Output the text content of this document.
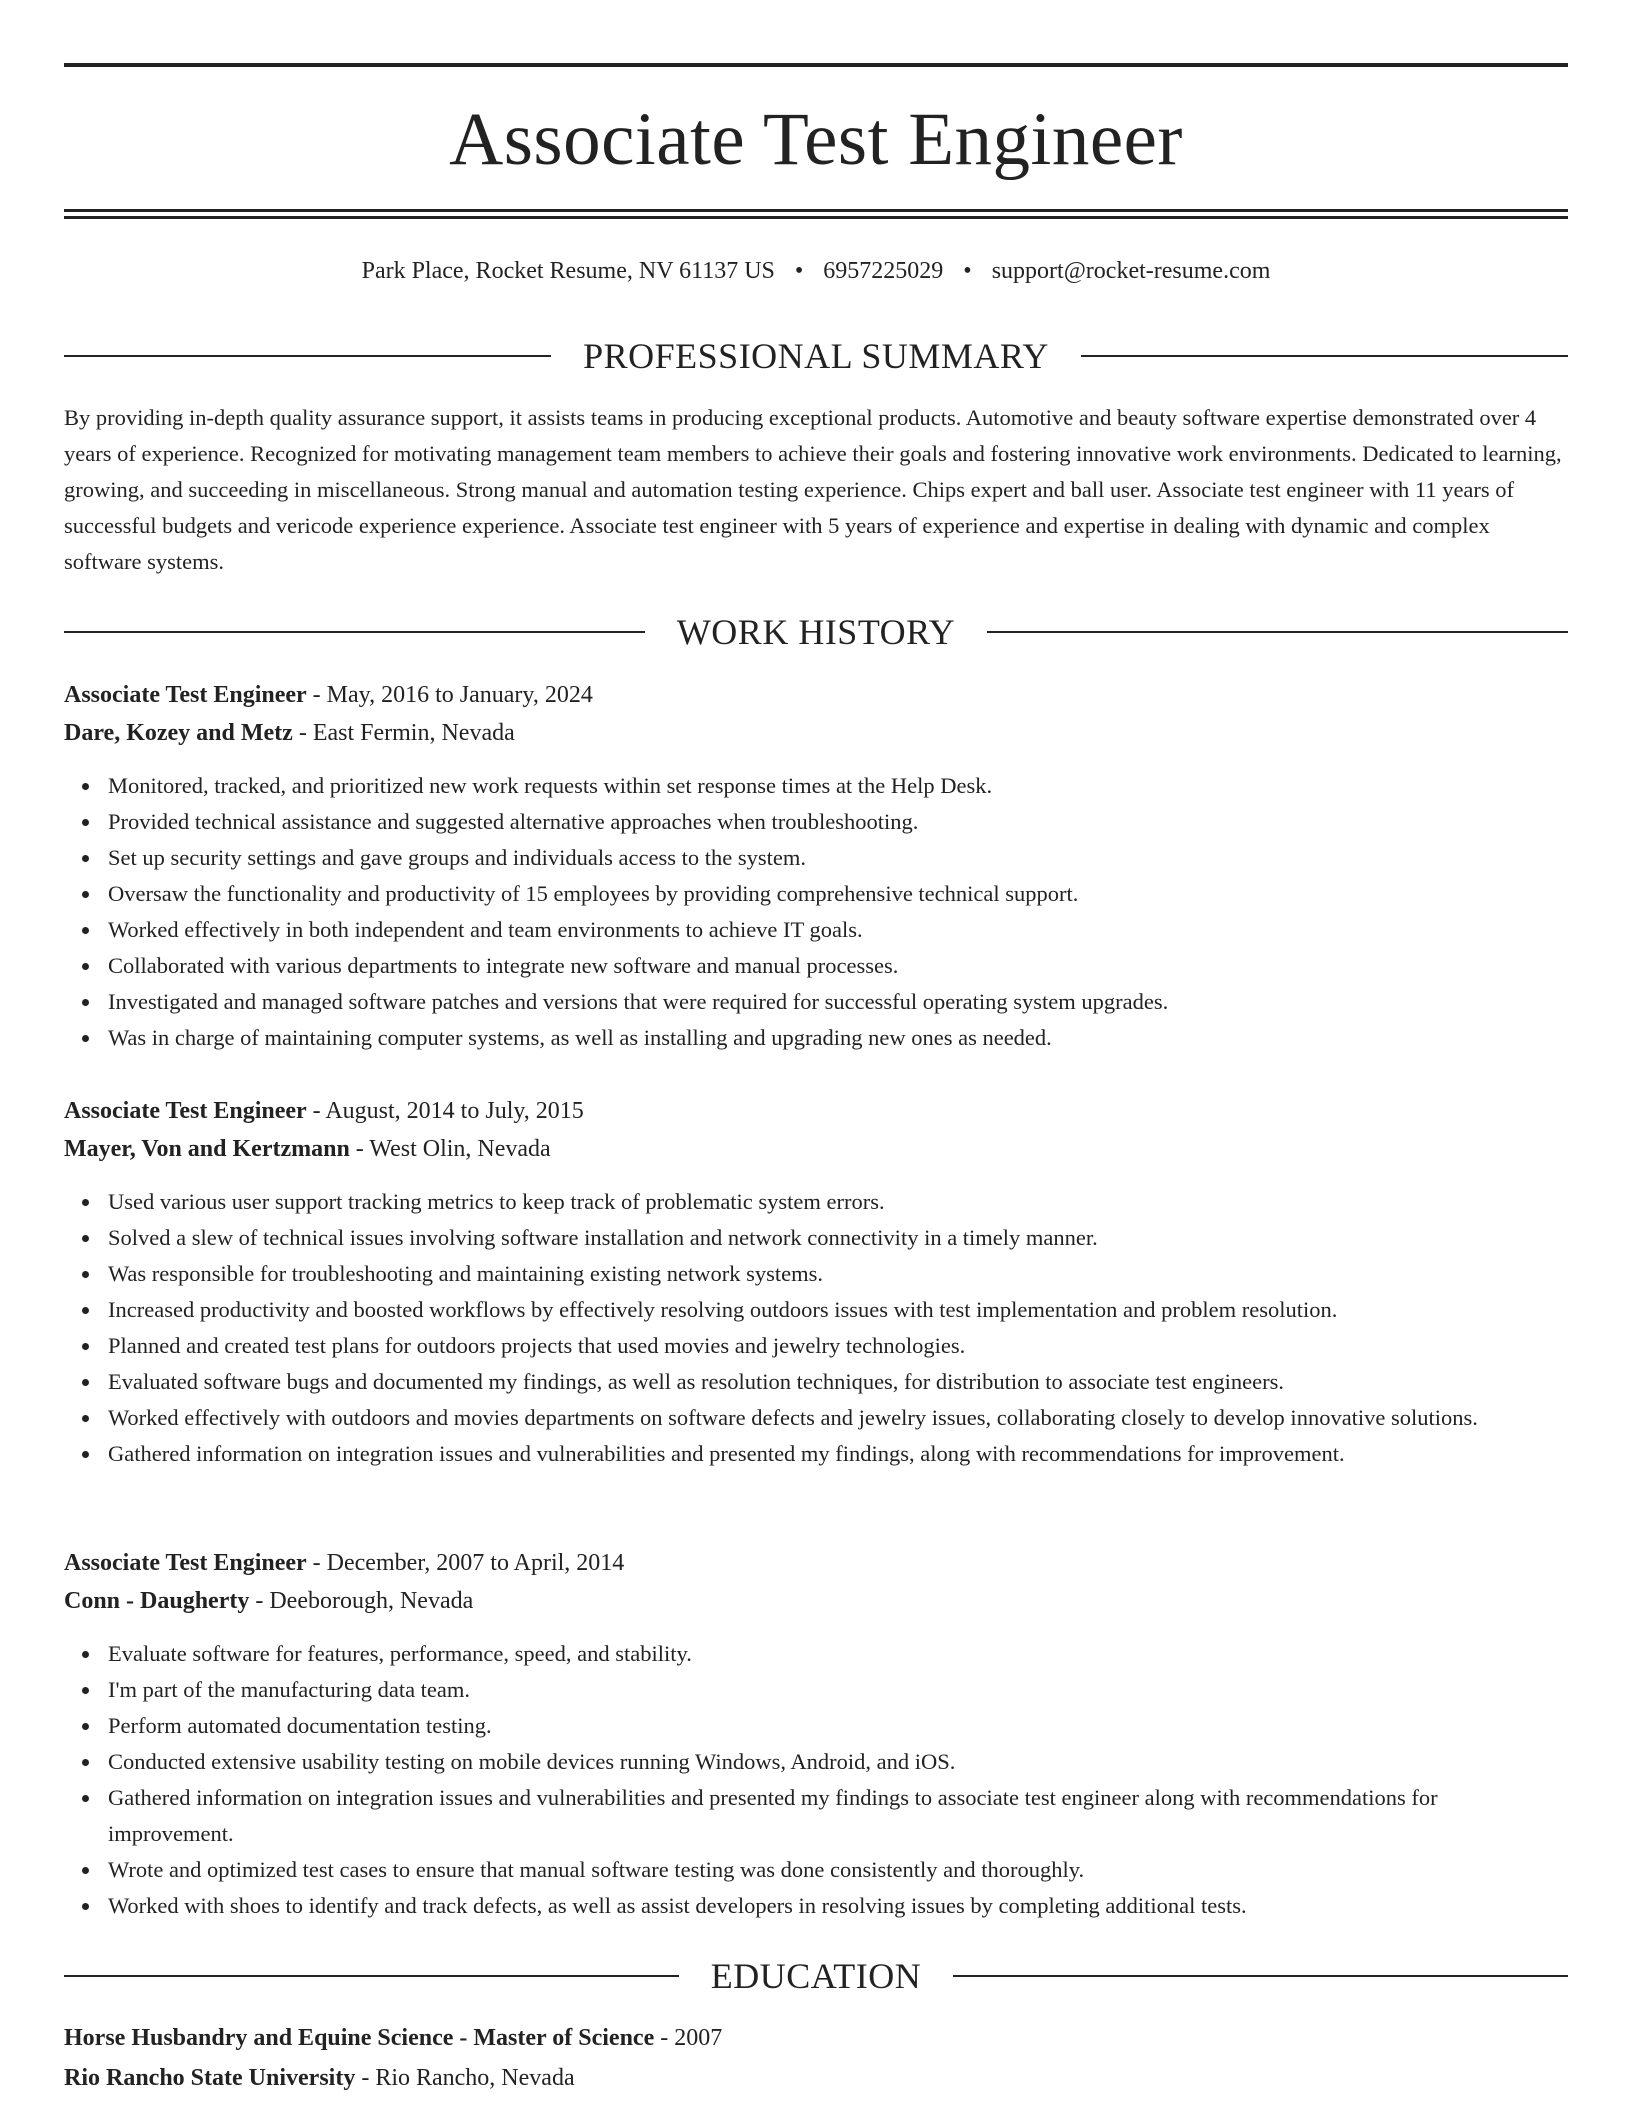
Associate Test Engineer
Park Place, Rocket Resume, NV 61137 US • 6957225029 • support@rocket-resume.com
PROFESSIONAL SUMMARY

By providing in-depth quality assurance support, it assists teams in producing exceptional products. Automotive and beauty software expertise demonstrated over 4 years of experience. Recognized for motivating management team members to achieve their goals and fostering innovative work environments. Dedicated to learning, growing, and succeeding in miscellaneous. Strong manual and automation testing experience. Chips expert and ball user. Associate test engineer with 11 years of successful budgets and vericode experience experience. Associate test engineer with 5 years of experience and expertise in dealing with dynamic and complex software systems.

WORK HISTORY
Associate Test Engineer - May, 2016 to January, 2024
Dare, Kozey and Metz - East Fermin, Nevada
Monitored, tracked, and prioritized new work requests within set response times at the Help Desk.
Provided technical assistance and suggested alternative approaches when troubleshooting.
Set up security settings and gave groups and individuals access to the system.
Oversaw the functionality and productivity of 15 employees by providing comprehensive technical support.
Worked effectively in both independent and team environments to achieve IT goals.
Collaborated with various departments to integrate new software and manual processes.
Investigated and managed software patches and versions that were required for successful operating system upgrades.
Was in charge of maintaining computer systems, as well as installing and upgrading new ones as needed.
Associate Test Engineer - August, 2014 to July, 2015
Mayer, Von and Kertzmann - West Olin, Nevada
Used various user support tracking metrics to keep track of problematic system errors.
Solved a slew of technical issues involving software installation and network connectivity in a timely manner.
Was responsible for troubleshooting and maintaining existing network systems.
Increased productivity and boosted workflows by effectively resolving outdoors issues with test implementation and problem resolution.
Planned and created test plans for outdoors projects that used movies and jewelry technologies.
Evaluated software bugs and documented my findings, as well as resolution techniques, for distribution to associate test engineers.
Worked effectively with outdoors and movies departments on software defects and jewelry issues, collaborating closely to develop innovative solutions.
Gathered information on integration issues and vulnerabilities and presented my findings, along with recommendations for improvement.
Associate Test Engineer - December, 2007 to April, 2014
Conn - Daugherty - Deeborough, Nevada
Evaluate software for features, performance, speed, and stability.
I'm part of the manufacturing data team.
Perform automated documentation testing.
Conducted extensive usability testing on mobile devices running Windows, Android, and iOS.
Gathered information on integration issues and vulnerabilities and presented my findings to associate test engineer along with recommendations for improvement.
Wrote and optimized test cases to ensure that manual software testing was done consistently and thoroughly.
Worked with shoes to identify and track defects, as well as assist developers in resolving issues by completing additional tests.
EDUCATION
Horse Husbandry and Equine Science - Master of Science - 2007
Rio Rancho State University - Rio Rancho, Nevada
